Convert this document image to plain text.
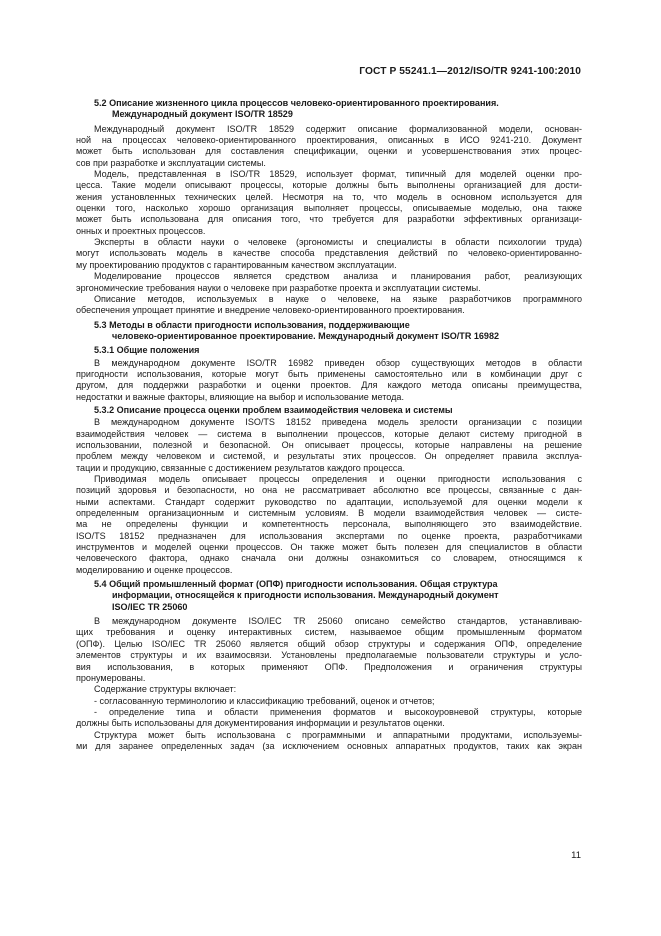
ГОСТ Р 55241.1—2012/ISO/TR 9241-100:2010
5.2 Описание жизненного цикла процессов человеко-ориентированного проектирования.
Международный документ ISO/TR 18529
Международный документ ISO/TR 18529 содержит описание формализованной модели, основан-
ной на процессах человеко-ориентированного проектирования, описанных в ИСО 9241-210. Документ
может быть использован для составления спецификации, оценки и усовершенствования этих процес-
сов при разработке и эксплуатации системы.
Модель, представленная в ISO/TR 18529, использует формат, типичный для моделей оценки про-
цесса. Такие модели описывают процессы, которые должны быть выполнены организацией для дости-
жения установленных технических целей. Несмотря на то, что модель в основном используется для
оценки того, насколько хорошо организация выполняет процессы, описываемые моделью, она также
может быть использована для описания того, что требуется для разработки эффективных организаци-
онных и проектных процессов.
Эксперты в области науки о человеке (эргономисты и специалисты в области психологии труда)
могут использовать модель в качестве способа представления действий по человеко-ориентированно-
му проектированию продуктов с гарантированным качеством эксплуатации.
Моделирование процессов является средством анализа и планирования работ, реализующих
эргономические требования науки о человеке при разработке проекта и эксплуатации системы.
Описание методов, используемых в науке о человеке, на языке разработчиков программного
обеспечения упрощает принятие и внедрение человеко-ориентированного проектирования.
5.3 Методы в области пригодности использования, поддерживающие
человеко-ориентированное проектирование. Международный документ ISO/TR 16982
5.3.1 Общие положения
В международном документе ISO/TR 16982 приведен обзор существующих методов в области
пригодности использования, которые могут быть применены самостоятельно или в комбинации друг с
другом, для поддержки разработки и оценки проектов. Для каждого метода описаны преимущества,
недостатки и важные факторы, влияющие на выбор и использование метода.
5.3.2 Описание процесса оценки проблем взаимодействия человека и системы
В международном документе ISO/TS 18152 приведена модель зрелости организации с позиции
взаимодействия человек — система в выполнении процессов, которые делают систему пригодной в
использовании, полезной и безопасной. Он описывает процессы, которые направлены на решение
проблем между человеком и системой, и результаты этих процессов. Он определяет правила эксплуа-
тации и продукцию, связанные с достижением результатов каждого процесса.
Приводимая модель описывает процессы определения и оценки пригодности использования с
позиций здоровья и безопасности, но она не рассматривает абсолютно все процессы, связанные с дан-
ными аспектами. Стандарт содержит руководство по адаптации, используемой для оценки модели к
определенным организационным и системным условиям. В модели взаимодействия человек — систе-
ма не определены функции и компетентность персонала, выполняющего это взаимодействие.
ISO/TS 18152 предназначен для использования экспертами по оценке проекта, разработчиками
инструментов и моделей оценки процессов. Он также может быть полезен для специалистов в области
человеческого фактора, однако сначала они должны ознакомиться со словарем, относящимся к
моделированию и оценке процессов.
5.4 Общий промышленный формат (ОПФ) пригодности использования. Общая структура
информации, относящейся к пригодности использования. Международный документ
ISO/IEC TR 25060
В международном документе ISO/IEC TR 25060 описано семейство стандартов, устанавливаю-
щих требования и оценку интерактивных систем, называемое общим промышленным форматом
(ОПФ). Целью ISO/IEC TR 25060 является общий обзор структуры и содержания ОПФ, определение
элементов структуры и их взаимосвязи. Установлены предполагаемые пользователи структуры и усло-
вия использования, в которых применяют ОПФ. Предположения и ограничения структуры
пронумерованы.
Содержание структуры включает:
- согласованную терминологию и классификацию требований, оценок и отчетов;
- определение типа и области применения форматов и высокоуровневой структуры, которые
должны быть использованы для документирования информации и результатов оценки.
Структура может быть использована с программными и аппаратными продуктами, используемы-
ми для заранее определенных задач (за исключением основных аппаратных продуктов, таких как экран
11
